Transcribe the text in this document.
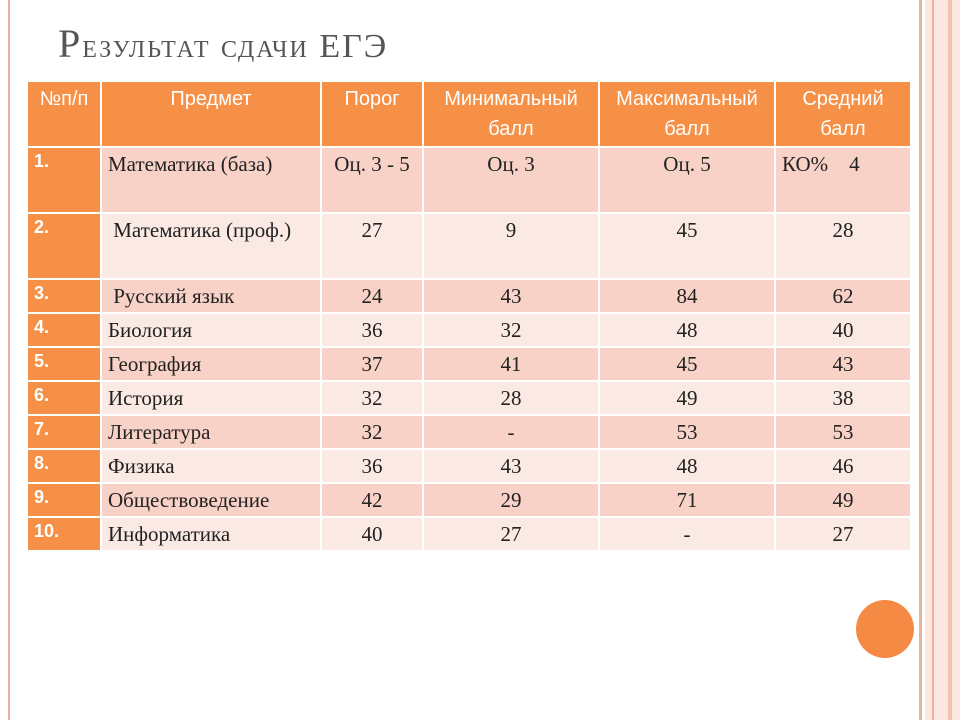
Результат сдачи ЕГЭ
№п/п	Предмет	Порог	Минимальный балл	Максимальный балл	Средний балл
1.	Математика (база)	Оц. 3 - 5	Оц. 3	Оц. 5	КО%    4
2.	Математика (проф.)	27	9	45	28
3.	Русский язык	24	43	84	62
4.	Биология	36	32	48	40
5.	География	37	41	45	43
6.	История	32	28	49	38
7.	Литература	32	-	53	53
8.	Физика	36	43	48	46
9.	Обществоведение	42	29	71	49
10.	Информатика	40	27	-	27
